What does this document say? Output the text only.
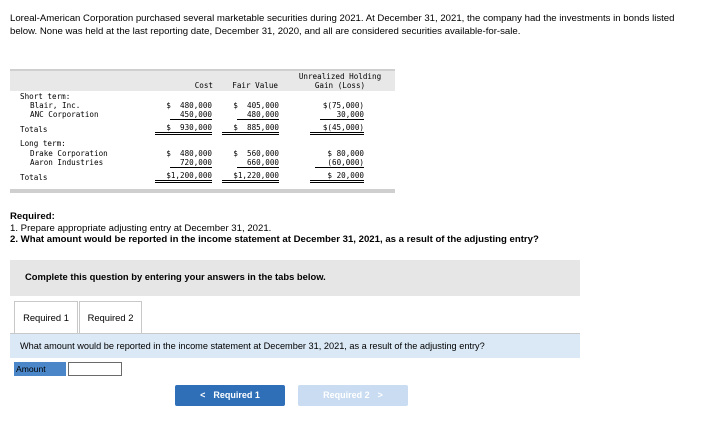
Loreal-American Corporation purchased several marketable securities during 2021. At December 31, 2021, the company had the investments in bonds listed below. None was held at the last reporting date, December 31, 2020, and all are considered securities available-for-sale.
Cost	Fair Value
Unrealized Holding
Gain (Loss)
Short term:
Blair, Inc.	$  480,000	$  405,000	$(75,000)
ANC Corporation	450,000	480,000	30,000
Totals	$  930,000	$  885,000	$(45,000)
Long term:
Drake Corporation	$  480,000	$  560,000	$ 80,000
Aaron Industries	720,000	660,000	(60,000)
Totals	$1,200,000	$1,220,000	$ 20,000
Required:
1. Prepare appropriate adjusting entry at December 31, 2021.
2. What amount would be reported in the income statement at December 31, 2021, as a result of the adjusting entry?
Complete this question by entering your answers in the tabs below.
Required 1	Required 2
What amount would be reported in the income statement at December 31, 2021, as a result of the adjusting entry?
Amount
< Required 1	Required 2 >
